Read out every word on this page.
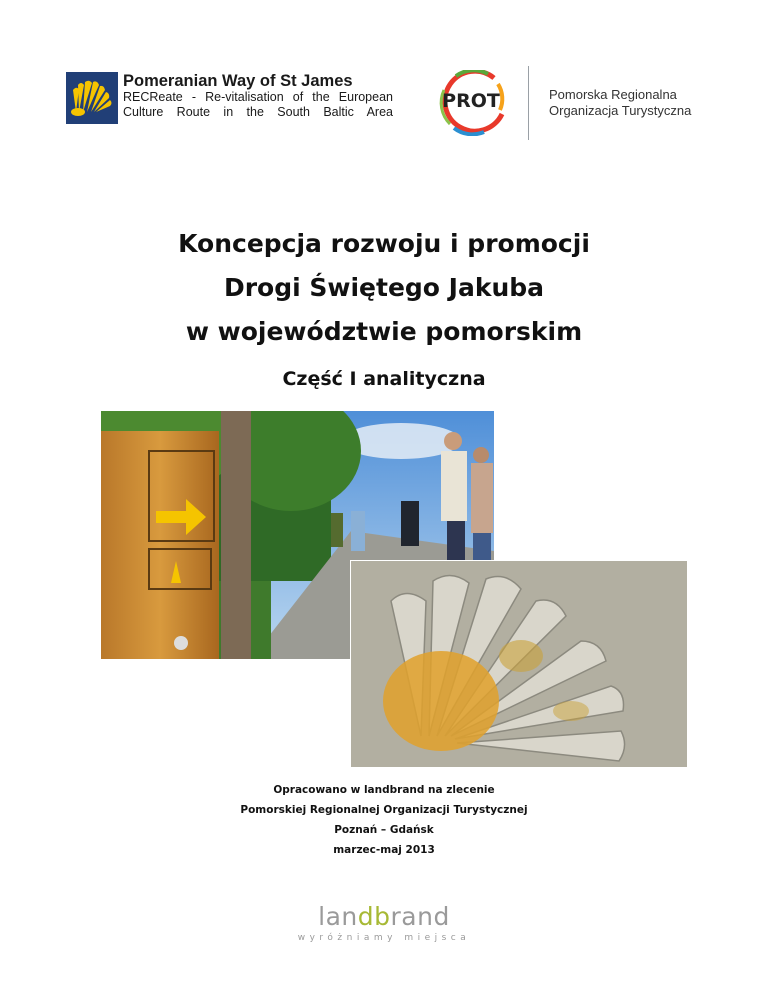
Pomeranian Way of St James
RECReate - Re-vitalisation of the European
Culture Route in the South Baltic Area	PROT	Pomorska Regionalna
Organizacja Turystyczna
Koncepcja rozwoju i promocji
Drogi Świętego Jakuba
w województwie pomorskim
Część I analityczna
Opracowano w landbrand na zlecenie
Pomorskiej Regionalnej Organizacji Turystycznej
Poznań – Gdańsk
marzec-maj 2013
landbrand
wyróżniamy miejsca
